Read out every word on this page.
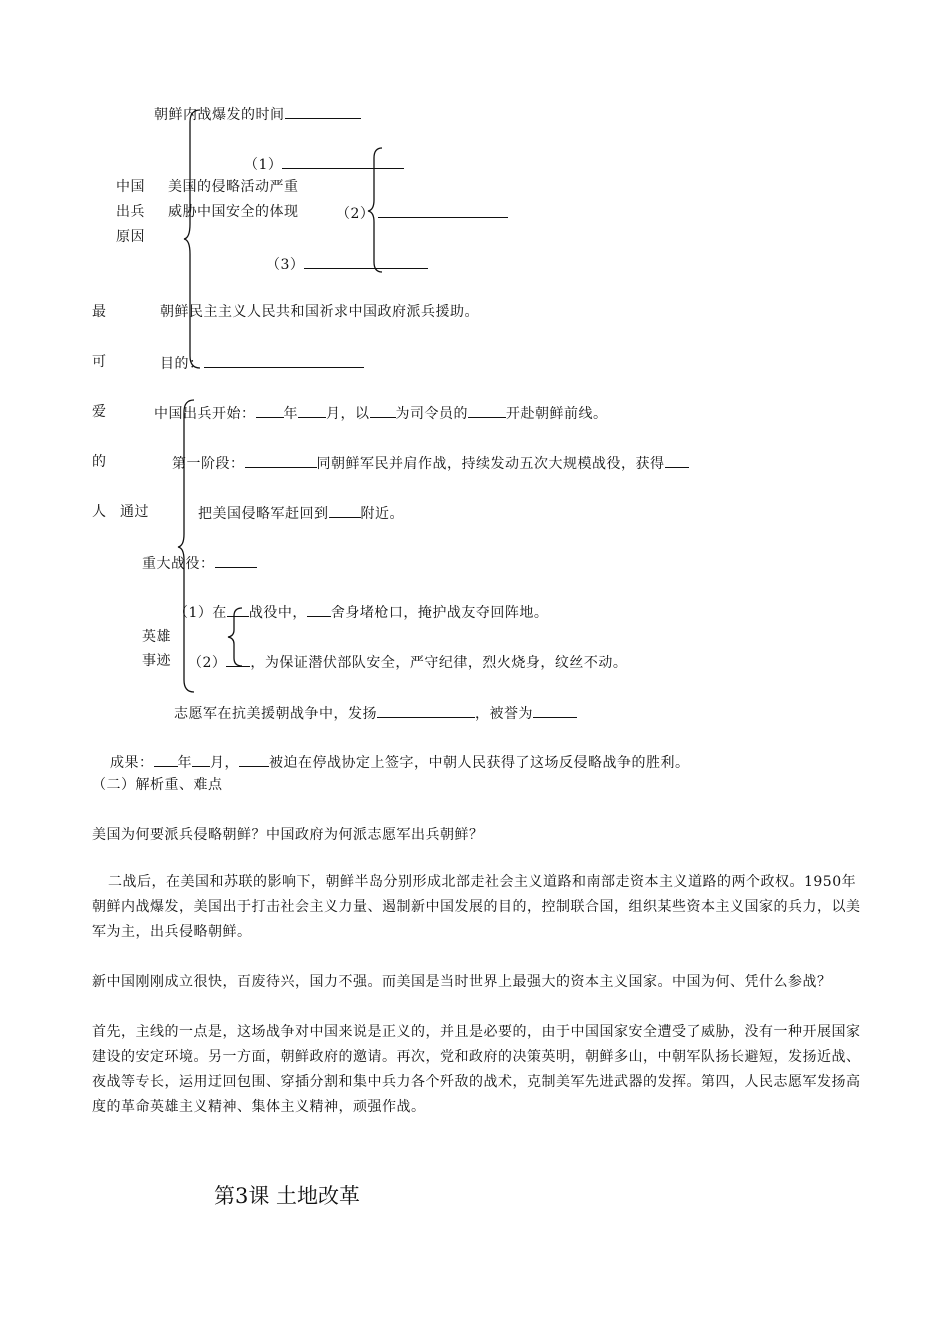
朝鲜内战爆发的时间
（1）
中国 美国的侵略活动严重
出兵 威胁中国安全的体现	（2）
原因
（3）
最	朝鲜民主主义人民共和国祈求中国政府派兵援助。
可	目的：
爱	中国出兵开始： 年 月，以 为司令员的	开赴朝鲜前线。
的	第一阶段：	同朝鲜军民并肩作战，持续发动五次大规模战役，获得
人 通过	把美国侵略军赶回到 附近。
重大战役：
（1）在 战役中， 舍身堵枪口，掩护战友夺回阵地。
英雄
事迹 （2） ，为保证潜伏部队安全，严守纪律，烈火烧身，纹丝不动。
志愿军在抗美援朝战争中，发扬	，被誉为
成果： 年 月， 被迫在停战协定上签字，中朝人民获得了这场反侵略战争的胜利。
（二）解析重、难点
美国为何要派兵侵略朝鲜？中国政府为何派志愿军出兵朝鲜？
二战后，在美国和苏联的影响下，朝鲜半岛分别形成北部走社会主义道路和南部走资本主义道路的两个政权。1950年朝鲜内战爆发，美国出于打击社会主义力量、遏制新中国发展的目的，控制联合国，组织某些资本主义国家的兵力，以美军为主，出兵侵略朝鲜。
新中国刚刚成立很快，百废待兴，国力不强。而美国是当时世界上最强大的资本主义国家。中国为何、凭什么参战？
首先，主线的一点是，这场战争对中国来说是正义的，并且是必要的，由于中国国家安全遭受了威胁，没有一种开展国家建设的安定环境。另一方面，朝鲜政府的邀请。再次，党和政府的决策英明，朝鲜多山，中朝军队扬长避短，发扬近战、夜战等专长，运用迂回包围、穿插分割和集中兵力各个歼敌的战术，克制美军先进武器的发挥。第四，人民志愿军发扬高度的革命英雄主义精神、集体主义精神，顽强作战。
第3课 土地改革
